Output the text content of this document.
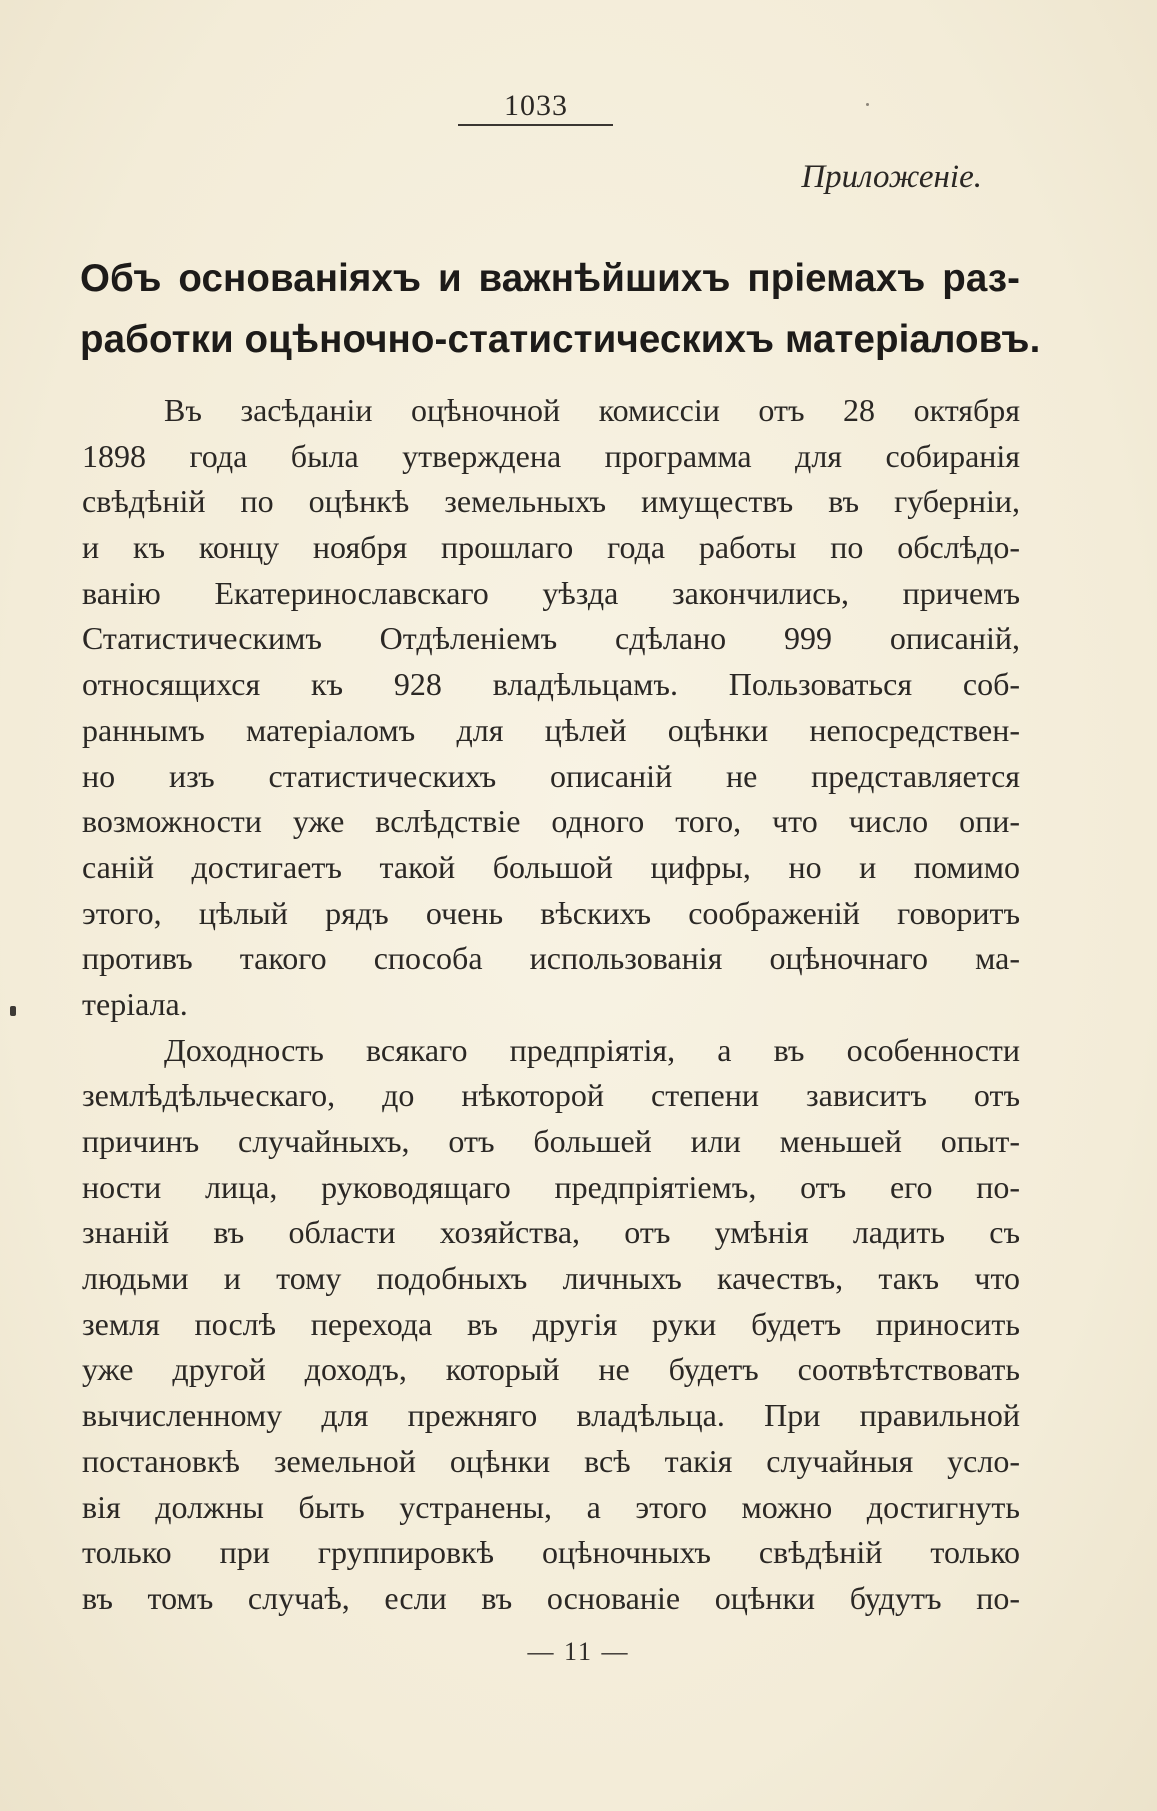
1033
Приложенiе.
Объ основанiяхъ и важнѣйшихъ прiемахъ раз-
работки оцѣночно-статистическихъ матерiаловъ.
Въ засѣданiи оцѣночной комиссiи отъ 28 октября
1898 года была утверждена программа для собиранiя
свѣдѣнiй по оцѣнкѣ земельныхъ имуществъ въ губернiи,
и къ концу ноября прошлаго года работы по обслѣдо-
ванiю Екатеринославскаго уѣзда закончились, причемъ
Статистическимъ Отдѣленiемъ сдѣлано 999 описанiй,
относящихся къ 928 владѣльцамъ. Пользоваться соб-
раннымъ матерiаломъ для цѣлей оцѣнки непосредствен-
но изъ статистическихъ описанiй не представляется
возможности уже вслѣдствiе одного того, что число опи-
санiй достигаетъ такой большой цифры, но и помимо
этого, цѣлый рядъ очень вѣскихъ соображенiй говоритъ
противъ такого способа использованiя оцѣночнаго ма-
терiала.
Доходность всякаго предпрiятiя, а въ особенности
землѣдѣльческаго, до нѣкоторой степени зависитъ отъ
причинъ случайныхъ, отъ большей или меньшей опыт-
ности лица, руководящаго предпрiятiемъ, отъ его по-
знанiй въ области хозяйства, отъ умѣнiя ладить съ
людьми и тому подобныхъ личныхъ качествъ, такъ что
земля послѣ перехода въ другiя руки будетъ приносить
уже другой доходъ, который не будетъ соотвѣтствовать
вычисленному для прежняго владѣльца. При правильной
постановкѣ земельной оцѣнки всѣ такiя случайныя усло-
вiя должны быть устранены, а этого можно достигнуть
только при группировкѣ оцѣночныхъ свѣдѣнiй только
въ томъ случаѣ, если въ основанiе оцѣнки будутъ по-
— 11 —
